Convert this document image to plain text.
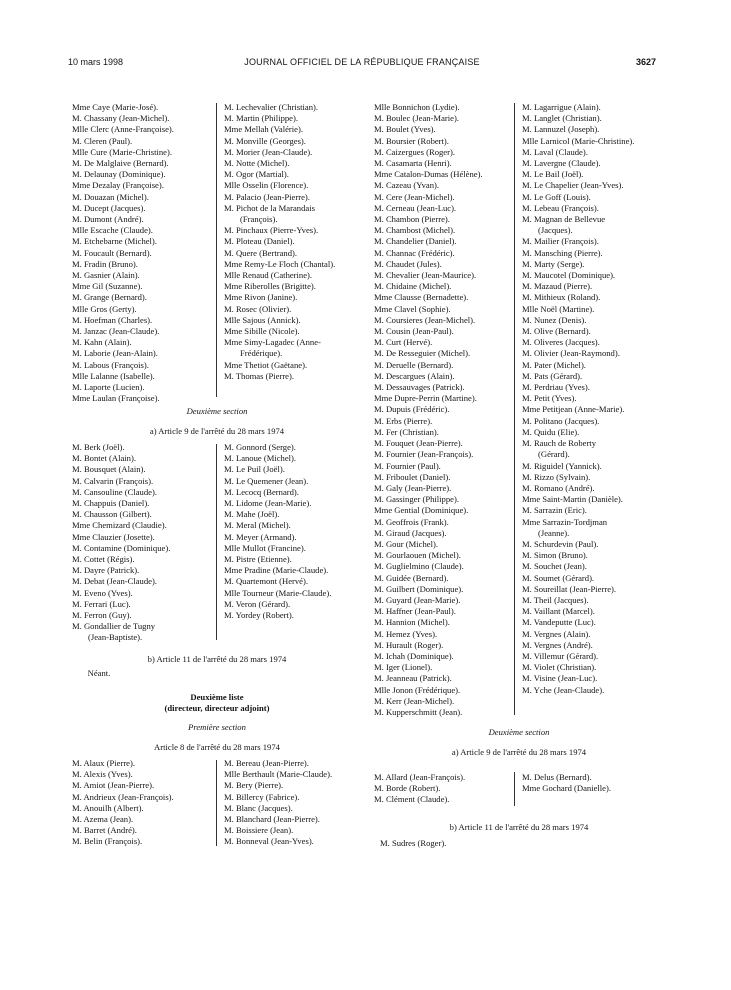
10 mars 1998	JOURNAL OFFICIEL DE LA RÉPUBLIQUE FRANÇAISE	3627
Mme Caye (Marie-José).
M. Chassany (Jean-Michel).
Mlle Clerc (Anne-Françoise).
M. Cleren (Paul).
Mlle Cure (Marie-Christine).
M. De Malglaive (Bernard).
M. Delaunay (Dominique).
Mme Dezalay (Françoise).
M. Douazan (Michel).
M. Ducept (Jacques).
M. Dumont (André).
Mlle Escache (Claude).
M. Etchebarne (Michel).
M. Foucault (Bernard).
M. Fradin (Bruno).
M. Gasnier (Alain).
Mme Gil (Suzanne).
M. Grange (Bernard).
Mlle Gros (Gerty).
M. Hoefman (Charles).
M. Janzac (Jean-Claude).
M. Kahn (Alain).
M. Laborie (Jean-Alain).
M. Labous (François).
Mlle Lalanne (Isabelle).
M. Laporte (Lucien).
Mme Laulan (Françoise).
M. Lechevalier (Christian).
M. Martin (Philippe).
Mme Mellah (Valérie).
M. Monville (Georges).
M. Morier (Jean-Claude).
M. Notte (Michel).
M. Ogor (Martial).
Mlle Osselin (Florence).
M. Palacio (Jean-Pierre).
M. Pichot de la Marandais
(François).
M. Pinchaux (Pierre-Yves).
M. Ploteau (Daniel).
M. Quere (Bertrand).
Mme Remy-Le Floch (Chantal).
Mlle Renaud (Catherine).
Mme Riberolles (Brigitte).
Mme Rivon (Janine).
M. Rosec (Olivier).
Mlle Sajous (Annick).
Mme Sibille (Nicole).
Mme Simy-Lagadec (Anne-
Frédérique).
Mme Thetiot (Gaëtane).
M. Thomas (Pierre).
Deuxième section
a) Article 9 de l'arrêté du 28 mars 1974
M. Berk (Joël).
M. Bontet (Alain).
M. Bousquet (Alain).
M. Calvarin (François).
M. Cansouline (Claude).
M. Chappuis (Daniel).
M. Chausson (Gilbert).
Mme Chemizard (Claudie).
Mme Clauzier (Josette).
M. Contamine (Dominique).
M. Cottet (Régis).
M. Dayre (Patrick).
M. Debat (Jean-Claude).
M. Eveno (Yves).
M. Ferrari (Luc).
M. Ferron (Guy).
M. Gondallier de Tugny
(Jean-Baptiste).
M. Gonnord (Serge).
M. Lanoue (Michel).
M. Le Puil (Joël).
M. Le Quemener (Jean).
M. Lecocq (Bernard).
M. Lidome (Jean-Marie).
M. Mahe (Joël).
M. Meral (Michel).
M. Meyer (Armand).
Mlle Mullot (Francine).
M. Pistre (Etienne).
Mme Pradine (Marie-Claude).
M. Quartemont (Hervé).
Mlle Tourneur (Marie-Claude).
M. Veron (Gérard).
M. Yordey (Robert).
b) Article 11 de l'arrêté du 28 mars 1974
Néant.
Deuxième liste
(directeur, directeur adjoint)
Première section
Article 8 de l'arrêté du 28 mars 1974
M. Alaux (Pierre).
M. Alexis (Yves).
M. Amiot (Jean-Pierre).
M. Andrieux (Jean-François).
M. Anouilh (Albert).
M. Azema (Jean).
M. Barret (André).
M. Belin (François).
M. Bereau (Jean-Pierre).
Mlle Berthault (Marie-Claude).
M. Bery (Pierre).
M. Billercy (Fabrice).
M. Blanc (Jacques).
M. Blanchard (Jean-Pierre).
M. Boissiere (Jean).
M. Bonneval (Jean-Yves).
Mlle Bonnichon (Lydie).
M. Boulec (Jean-Marie).
M. Boulet (Yves).
M. Boursier (Robert).
M. Caizergues (Roger).
M. Casamarta (Henri).
Mme Catalon-Dumas (Hélène).
M. Cazeau (Yvan).
M. Cere (Jean-Michel).
M. Cerneau (Jean-Luc).
M. Chambon (Pierre).
M. Chambost (Michel).
M. Chandelier (Daniel).
M. Channac (Frédéric).
M. Chaudet (Jules).
M. Chevalier (Jean-Maurice).
M. Chidaine (Michel).
Mme Clausse (Bernadette).
Mme Clavel (Sophie).
M. Coursieres (Jean-Michel).
M. Cousin (Jean-Paul).
M. Curt (Hervé).
M. De Resseguier (Michel).
M. Deruelle (Bernard).
M. Descargues (Alain).
M. Dessauvages (Patrick).
Mme Dupre-Perrin (Martine).
M. Dupuis (Frédéric).
M. Erbs (Pierre).
M. Fer (Christian).
M. Fouquet (Jean-Pierre).
M. Fournier (Jean-François).
M. Fournier (Paul).
M. Friboulet (Daniel).
M. Galy (Jean-Pierre).
M. Gassinger (Philippe).
Mme Gential (Dominique).
M. Geoffrois (Frank).
M. Giraud (Jacques).
M. Gour (Michel).
M. Gourlaouen (Michel).
M. Guglielmino (Claude).
M. Guidée (Bernard).
M. Guilbert (Dominique).
M. Guyard (Jean-Marie).
M. Haffner (Jean-Paul).
M. Hannion (Michel).
M. Hemez (Yves).
M. Hurault (Roger).
M. Ichah (Dominique).
M. Iger (Lionel).
M. Jeanneau (Patrick).
Mlle Jonon (Frédérique).
M. Kerr (Jean-Michel).
M. Kupperschmitt (Jean).
M. Lagarrigue (Alain).
M. Langlet (Christian).
M. Lannuzel (Joseph).
Mlle Larnicol (Marie-Christine).
M. Laval (Claude).
M. Lavergne (Claude).
M. Le Bail (Joël).
M. Le Chapelier (Jean-Yves).
M. Le Goff (Louis).
M. Lebeau (François).
M. Magnan de Bellevue
(Jacques).
M. Mailier (François).
M. Mansching (Pierre).
M. Marty (Serge).
M. Maucotel (Dominique).
M. Mazaud (Pierre).
M. Mithieux (Roland).
Mlle Noël (Martine).
M. Nunez (Denis).
M. Olive (Bernard).
M. Oliveres (Jacques).
M. Olivier (Jean-Raymond).
M. Pater (Michel).
M. Pats (Gérard).
M. Perdriau (Yves).
M. Petit (Yves).
Mme Petitjean (Anne-Marie).
M. Politano (Jacques).
M. Quidu (Elie).
M. Rauch de Roberty
(Gérard).
M. Riguidel (Yannick).
M. Rizzo (Sylvain).
M. Romano (André).
Mme Saint-Martin (Danièle).
M. Sarrazin (Eric).
Mme Sarrazin-Tordjman
(Jeanne).
M. Schurdevin (Paul).
M. Simon (Bruno).
M. Souchet (Jean).
M. Soumet (Gérard).
M. Soureillat (Jean-Pierre).
M. Theil (Jacques).
M. Vaillant (Marcel).
M. Vandeputte (Luc).
M. Vergnes (Alain).
M. Vergnes (André).
M. Villemur (Gérard).
M. Violet (Christian).
M. Visine (Jean-Luc).
M. Yche (Jean-Claude).
Deuxième section
a) Article 9 de l'arrêté du 28 mars 1974
M. Allard (Jean-François).
M. Borde (Robert).
M. Clément (Claude).
M. Delus (Bernard).
Mme Gochard (Danielle).
b) Article 11 de l'arrêté du 28 mars 1974
M. Sudres (Roger).
